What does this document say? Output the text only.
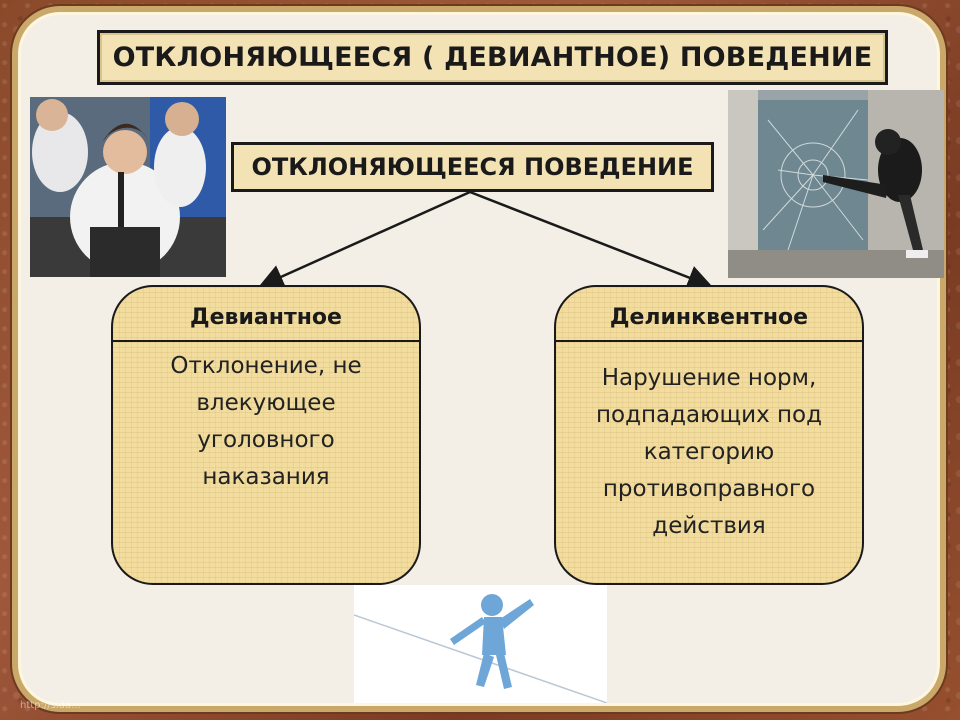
ОТКЛОНЯЮЩЕЕСЯ ( ДЕВИАНТНОЕ) ПОВЕДЕНИЕ
ОТКЛОНЯЮЩЕЕСЯ ПОВЕДЕНИЕ
Девиантное
Отклонение, не
влекующее
уголовного
наказания
Делинквентное
Нарушение норм,
подпадающих под
категорию
противоправного
действия
http://sida...
